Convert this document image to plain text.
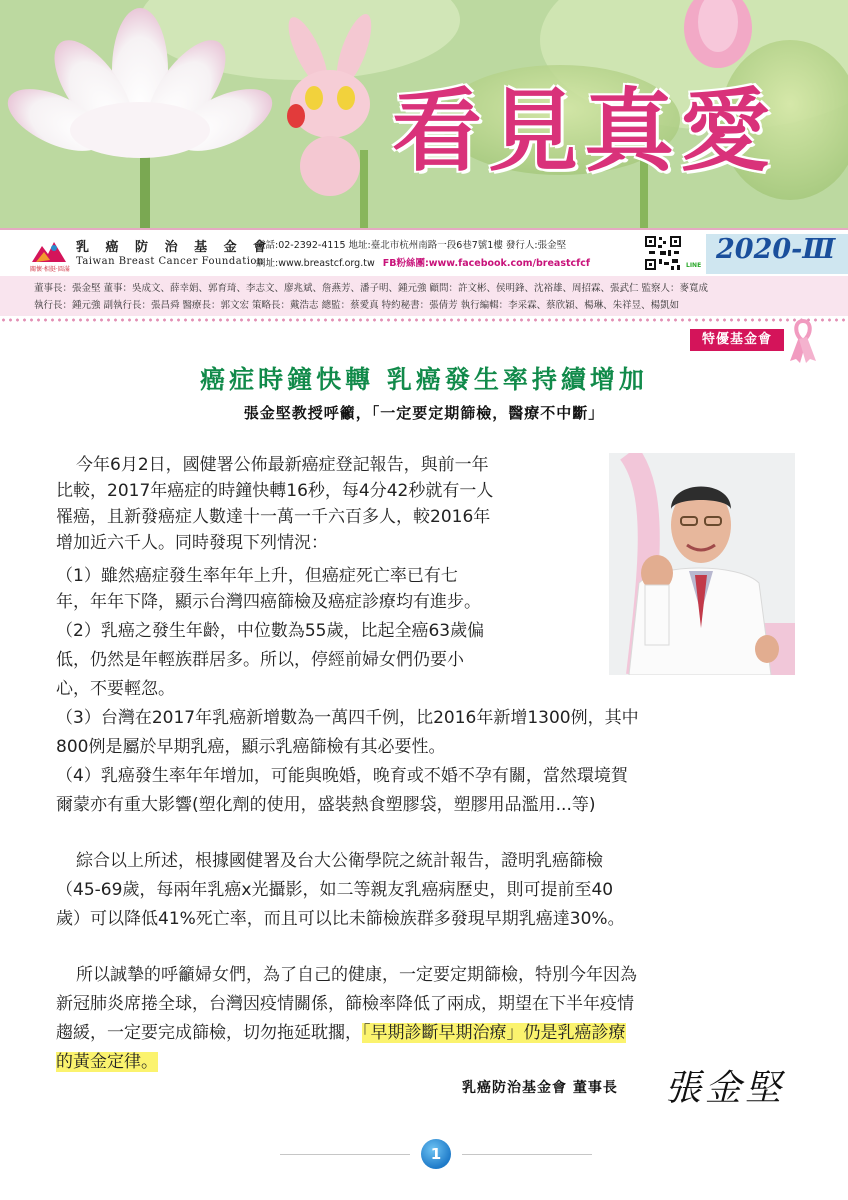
看見真愛
關懷·相挺·圓滿
乳 癌 防 治 基 金 會
Taiwan Breast Cancer Foundation
電話:02-2392-4115 地址:臺北市杭州南路一段6巷7號1樓 發行人:張金堅
網址:www.breastcf.org.tw FB粉絲團:www.facebook.com/breastcfcf	LINE
2020-Ⅲ
董事長：張金堅 董事：吳成文、薛幸娟、郭育琦、李志文、廖兆斌、詹燕芳、潘子明、鍾元強 顧問：許文彬、侯明鋒、沈裕雄、周招霖、張武仁 監察人：麥寬成
執行長：鍾元強 副執行長：張昌舜 醫療長：郭文宏 策略長：戴浩志 總監：蔡愛真 特約秘書：張倩芳 執行編輯：李采霖、蔡欣穎、楊琳、朱祥昱、楊凱如
特優基金會
癌症時鐘快轉 乳癌發生率持續增加
張金堅教授呼籲，「一定要定期篩檢，醫療不中斷」

今年6月2日，國健署公佈最新癌症登記報告，與前一年

比較，2017年癌症的時鐘快轉16秒，每4分42秒就有一人

罹癌，且新發癌症人數達十一萬一千六百多人，較2016年

增加近六千人。同時發現下列情況：

（1）雖然癌症發生率年年上升，但癌症死亡率已有七

年，年年下降，顯示台灣四癌篩檢及癌症診療均有進步。

（2）乳癌之發生年齡，中位數為55歲，比起全癌63歲偏

低，仍然是年輕族群居多。所以，停經前婦女們仍要小

心，不要輕忽。

（3）台灣在2017年乳癌新增數為一萬四千例，比2016年新增1300例，其中

800例是屬於早期乳癌，顯示乳癌篩檢有其必要性。

（4）乳癌發生率年年增加，可能與晚婚，晚育或不婚不孕有關，當然環境賀

爾蒙亦有重大影響(塑化劑的使用，盛裝熱食塑膠袋，塑膠用品濫用...等)

綜合以上所述，根據國健署及台大公衛學院之統計報告，證明乳癌篩檢

（45-69歲，每兩年乳癌x光攝影，如二等親友乳癌病歷史，則可提前至40

歲）可以降低41%死亡率，而且可以比未篩檢族群多發現早期乳癌達30%。

所以誠摯的呼籲婦女們，為了自己的健康，一定要定期篩檢，特別今年因為

新冠肺炎席捲全球，台灣因疫情關係，篩檢率降低了兩成，期望在下半年疫情

趨緩，一定要完成篩檢，切勿拖延耽擱，「早期診斷早期治療」仍是乳癌診療

的黃金定律。

乳癌防治基金會 董事長 張金堅
1
